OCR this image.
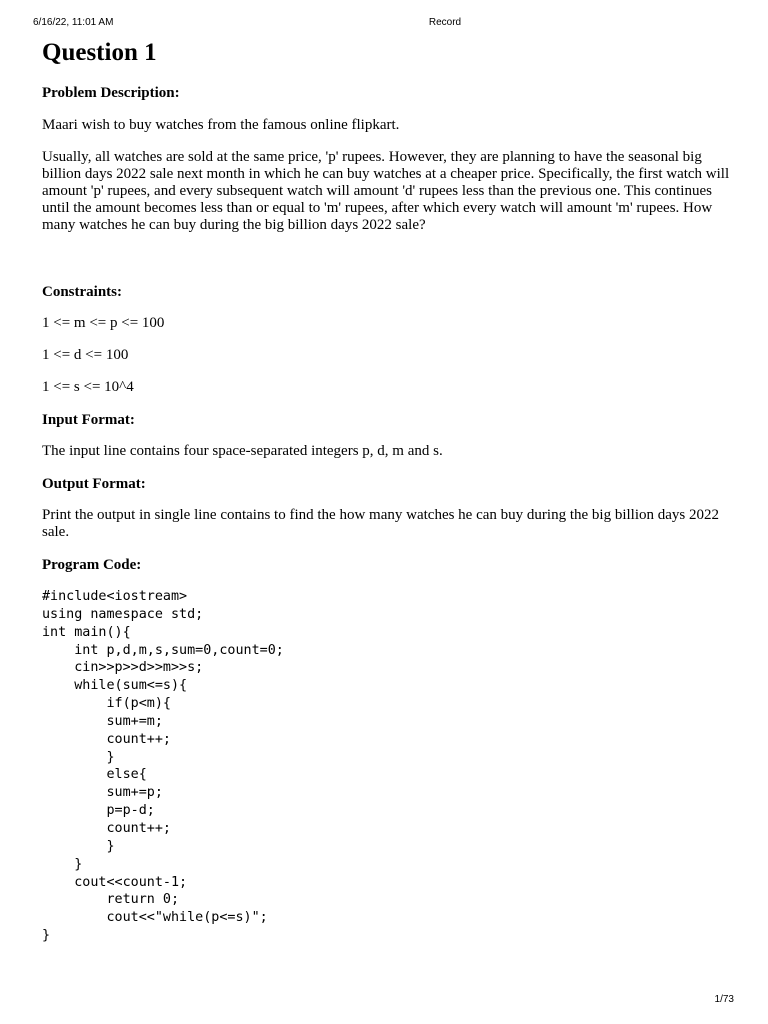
6/16/22, 11:01 AM	Record
Question 1
Problem Description:

Maari wish to buy watches from the famous online flipkart.

Usually, all watches are sold at the same price, 'p' rupees. However, they are planning to have the seasonal big billion days 2022 sale next month in which he can buy watches at a cheaper price. Specifically, the first watch will amount 'p' rupees, and every subsequent watch will amount 'd' rupees less than the previous one. This continues until the amount becomes less than or equal to 'm' rupees, after which every watch will amount 'm' rupees. How many watches he can buy during the big billion days 2022 sale?

Constraints:

1 <= m <= p <= 100

1 <= d <= 100

1 <= s <= 10^4

Input Format:

The input line contains four space-separated integers p, d, m and s.

Output Format:

Print the output in single line contains to find the how many watches he can buy during the big billion days 2022 sale.

Program Code:
#include<iostream>
using namespace std;
int main(){
int p,d,m,s,sum=0,count=0;
cin>>p>>d>>m>>s;
while(sum<=s){
if(p<m){
sum+=m;
count++;
}
else{
sum+=p;
p=p-d;
count++;
}
}
cout<<count-1;
return 0;
cout<<"while(p<=s)";
}
1/73
